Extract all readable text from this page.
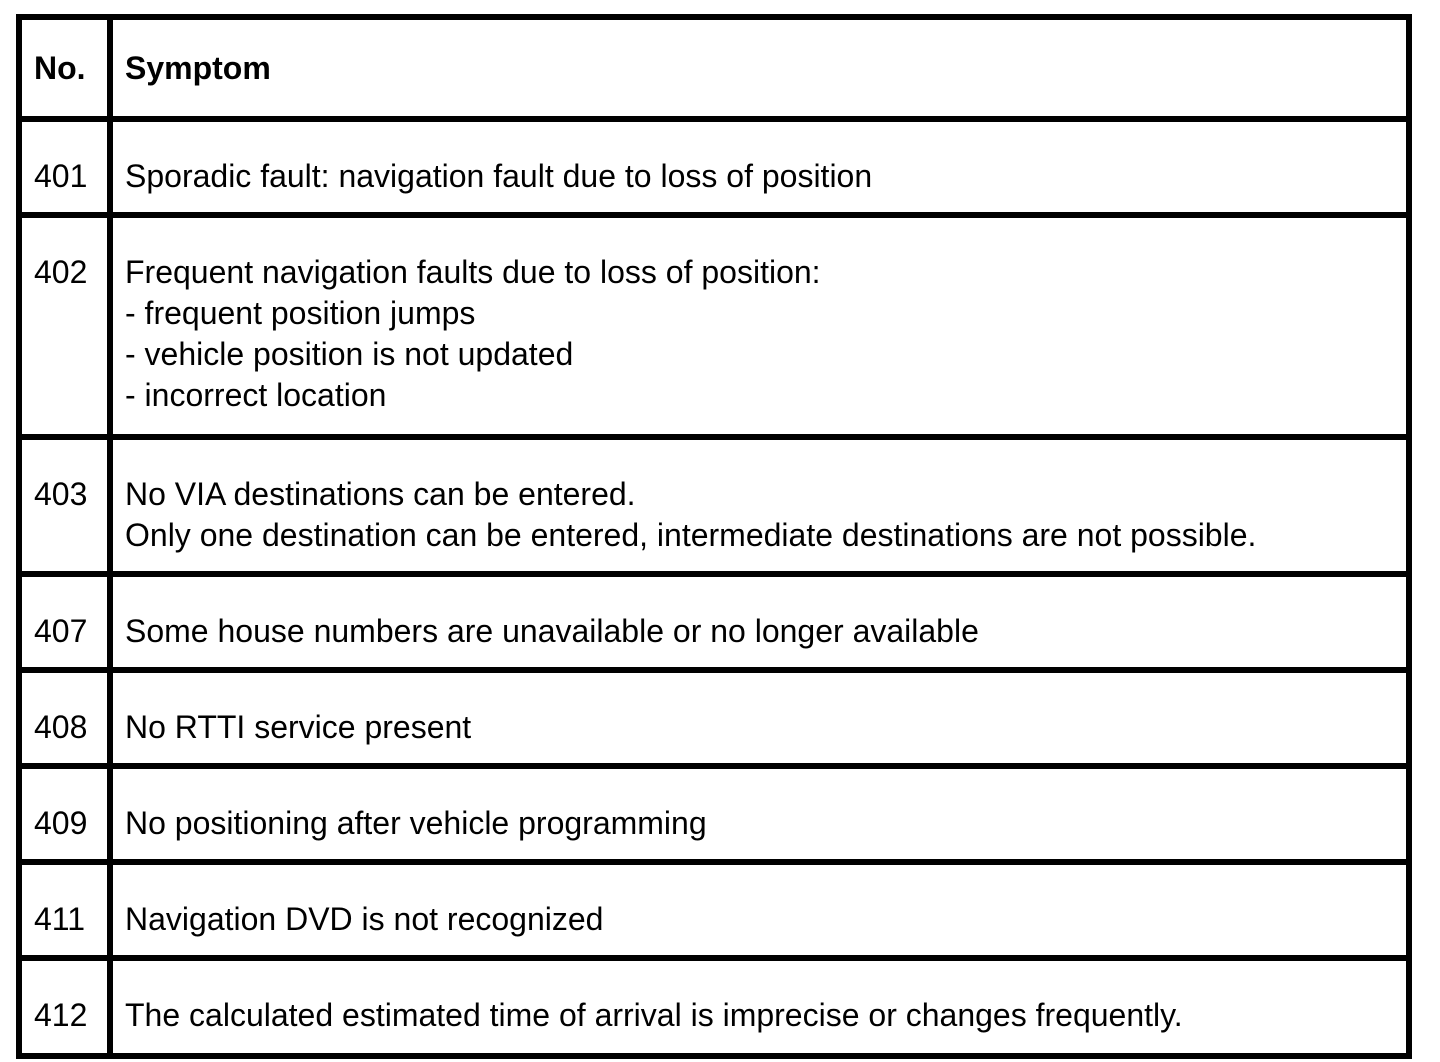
No.	Symptom
401	Sporadic fault: navigation fault due to loss of position

402	Frequent navigation faults due to loss of position:
- frequent position jumps
- vehicle position is not updated
- incorrect location

403	No VIA destinations can be entered.
Only one destination can be entered, intermediate destinations are not possible.

407	Some house numbers are unavailable or no longer available

408	No RTTI service present

409	No positioning after vehicle programming

411	Navigation DVD is not recognized

412	The calculated estimated time of arrival is imprecise or changes frequently.
